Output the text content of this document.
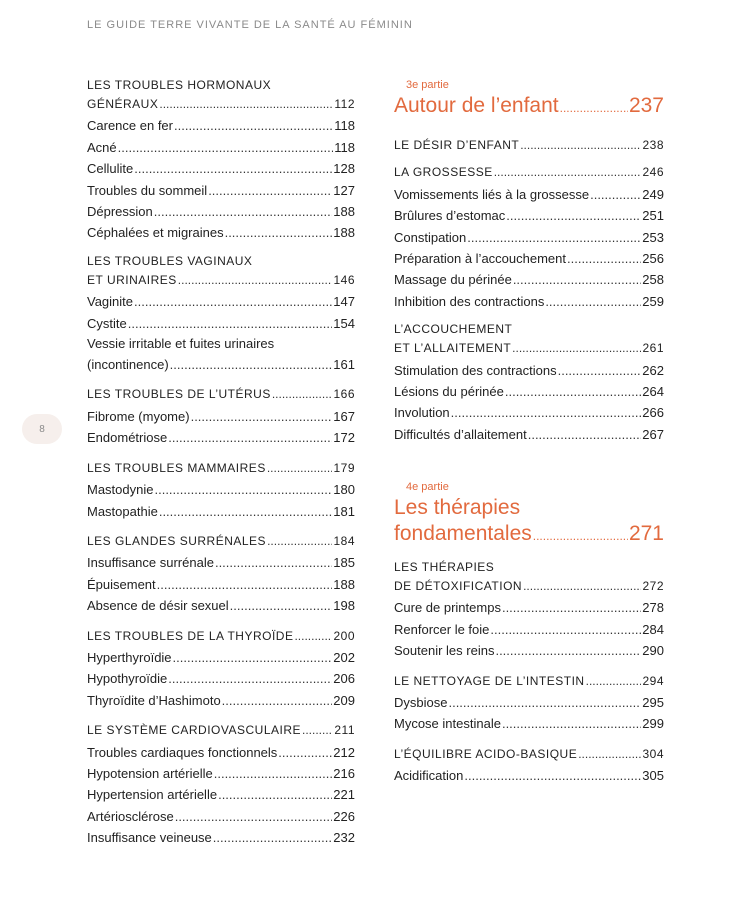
LE GUIDE TERRE VIVANTE DE LA SANTÉ AU FÉMININ
8
LES TROUBLES HORMONAUX
GÉNÉRAUX .....	112
Carence en fer .....	118
Acné .....	118
Cellulite .....	128
Troubles du sommeil .....	127
Dépression .....	188
Céphalées et migraines .....	188
LES TROUBLES VAGINAUX
ET URINAIRES .....	146
Vaginite .....	147
Cystite .....	154
Vessie irritable et fuites urinaires
(incontinence) .....	161
LES TROUBLES DE L’UTÉRUS .....	166
Fibrome (myome) .....	167
Endométriose .....	172
LES TROUBLES MAMMAIRES .....	179
Mastodynie .....	180
Mastopathie .....	181
LES GLANDES SURRÉNALES .....	184
Insuffisance surrénale .....	185
Épuisement .....	188
Absence de désir sexuel .....	198
LES TROUBLES DE LA THYROÏDE .....	200
Hyperthyroïdie .....	202
Hypothyroïdie .....	206
Thyroïdite d’Hashimoto .....	209
LE SYSTÈME CARDIOVASCULAIRE .....	211
Troubles cardiaques fonctionnels .....	212
Hypotension artérielle .....	216
Hypertension artérielle .....	221
Artériosclérose .....	226
Insuffisance veineuse .....	232
3e partie
Autour de l’enfant .....	237
LE DÉSIR D’ENFANT .....	238
LA GROSSESSE .....	246
Vomissements liés à la grossesse .....	249
Brûlures d’estomac .....	251
Constipation .....	253
Préparation à l’accouchement .....	256
Massage du périnée .....	258
Inhibition des contractions .....	259
L’ACCOUCHEMENT
ET L’ALLAITEMENT .....	261
Stimulation des contractions .....	262
Lésions du périnée .....	264
Involution .....	266
Difficultés d’allaitement .....	267
4e partie
Les thérapies
fondamentales .....	271
LES THÉRAPIES
DE DÉTOXIFICATION .....	272
Cure de printemps .....	278
Renforcer le foie .....	284
Soutenir les reins .....	290
LE NETTOYAGE DE L’INTESTIN .....	294
Dysbiose .....	295
Mycose intestinale .....	299
L’ÉQUILIBRE ACIDO-BASIQUE .....	304
Acidification .....	305
